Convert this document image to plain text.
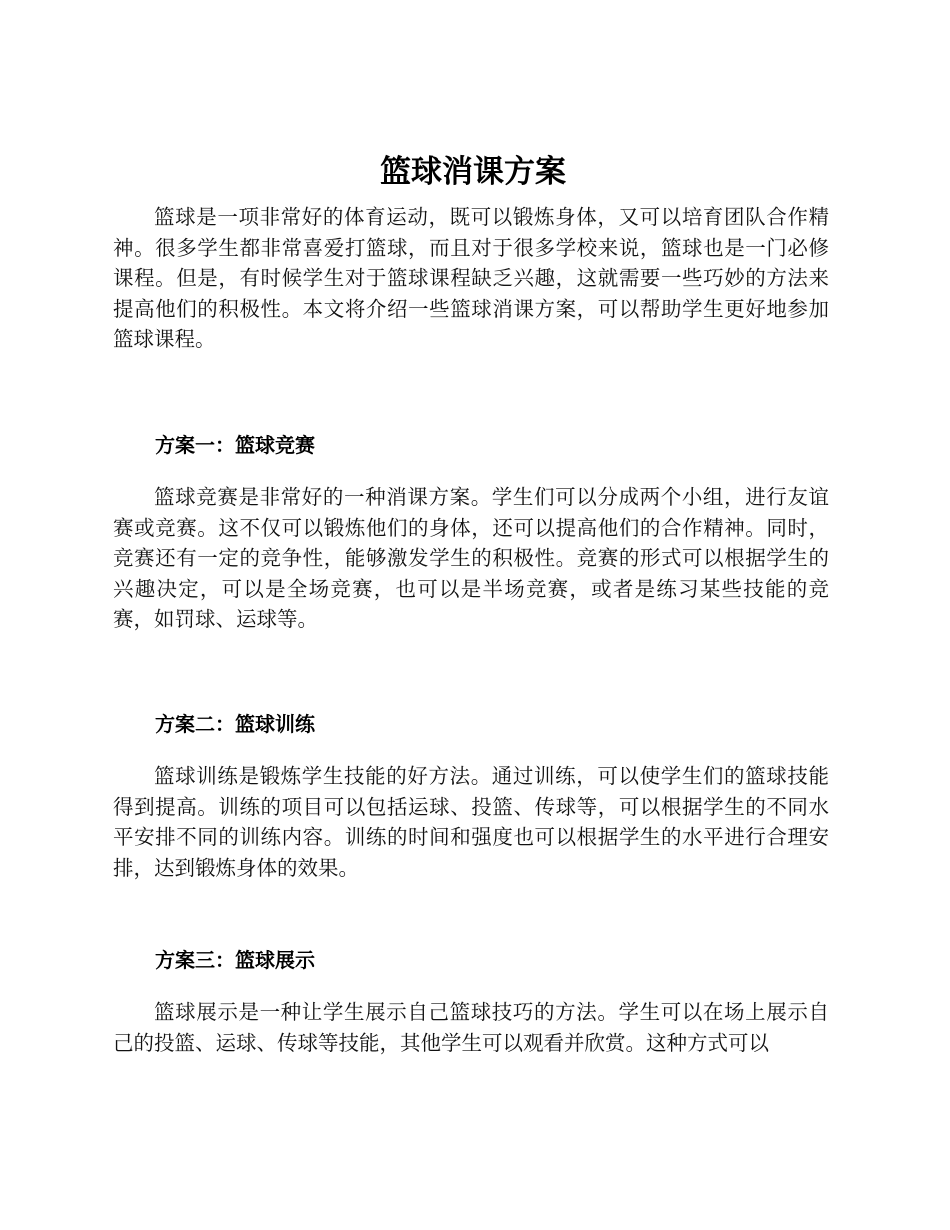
篮球消课方案

篮球是一项非常好的体育运动，既可以锻炼身体，又可以培育团队合作精神。很多学生都非常喜爱打篮球，而且对于很多学校来说，篮球也是一门必修课程。但是，有时候学生对于篮球课程缺乏兴趣，这就需要一些巧妙的方法来提高他们的积极性。本文将介绍一些篮球消课方案，可以帮助学生更好地参加篮球课程。

方案一：篮球竞赛

篮球竞赛是非常好的一种消课方案。学生们可以分成两个小组，进行友谊赛或竞赛。这不仅可以锻炼他们的身体，还可以提高他们的合作精神。同时，竞赛还有一定的竞争性，能够激发学生的积极性。竞赛的形式可以根据学生的兴趣决定，可以是全场竞赛，也可以是半场竞赛，或者是练习某些技能的竞赛，如罚球、运球等。

方案二：篮球训练

篮球训练是锻炼学生技能的好方法。通过训练，可以使学生们的篮球技能得到提高。训练的项目可以包括运球、投篮、传球等，可以根据学生的不同水平安排不同的训练内容。训练的时间和强度也可以根据学生的水平进行合理安排，达到锻炼身体的效果。

方案三：篮球展示

篮球展示是一种让学生展示自己篮球技巧的方法。学生可以在场上展示自己的投篮、运球、传球等技能，其他学生可以观看并欣赏。这种方式可以
